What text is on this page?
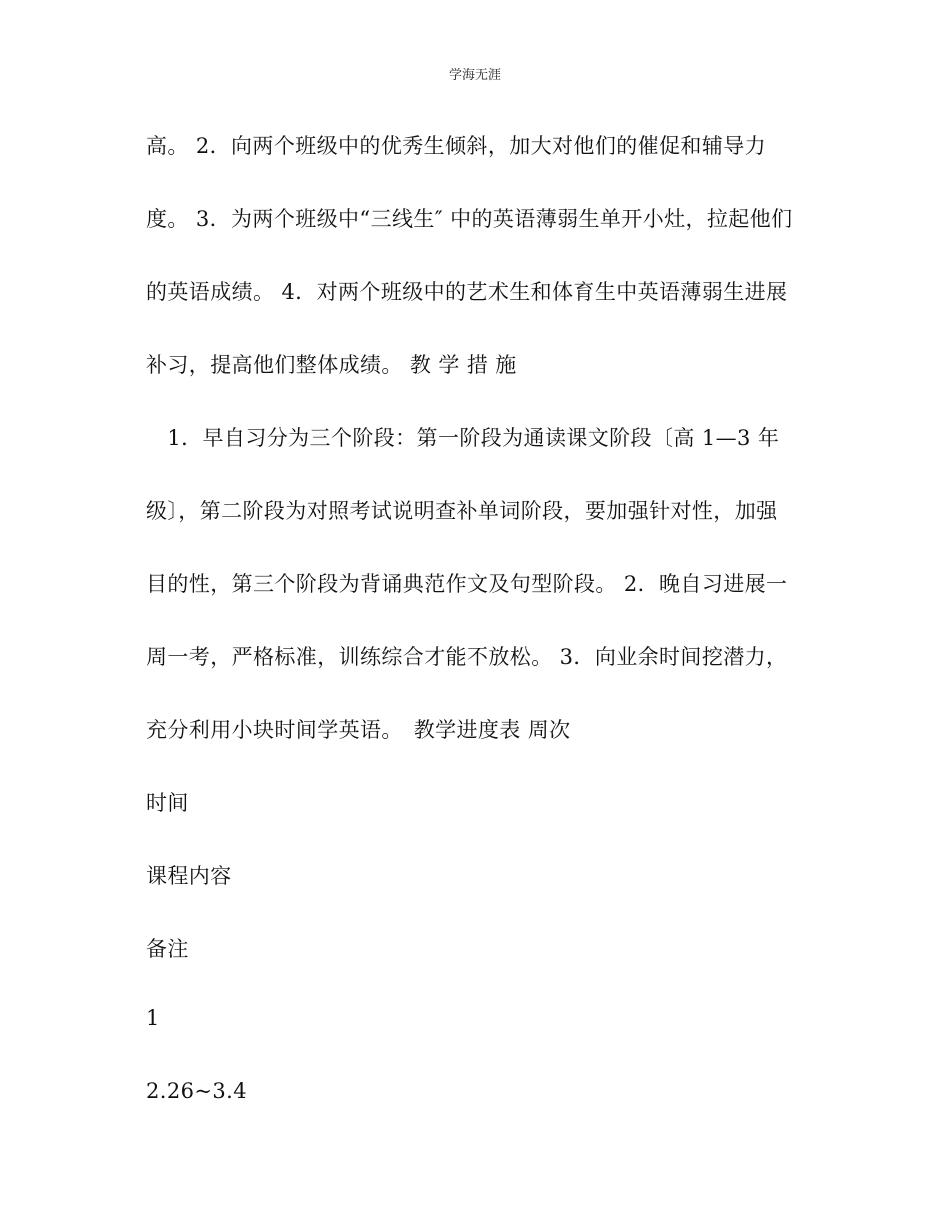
学海无涯
高。 2．向两个班级中的优秀生倾斜，加大对他们的催促和辅导力
度。 3．为两个班级中“三线生″ 中的英语薄弱生单开小灶，拉起他们
的英语成绩。 4．对两个班级中的艺术生和体育生中英语薄弱生进展
补习，提高他们整体成绩。 教 学 措 施
　1．早自习分为三个阶段：第一阶段为通读课文阶段〔高 1—3 年
级〕，第二阶段为对照考试说明查补单词阶段，要加强针对性，加强
目的性，第三个阶段为背诵典范作文及句型阶段。 2．晚自习进展一
周一考，严格标准，训练综合才能不放松。 3．向业余时间挖潜力，
充分利用小块时间学英语。　教学进度表 周次
时间
课程内容
备注
1
2.26~3.4
